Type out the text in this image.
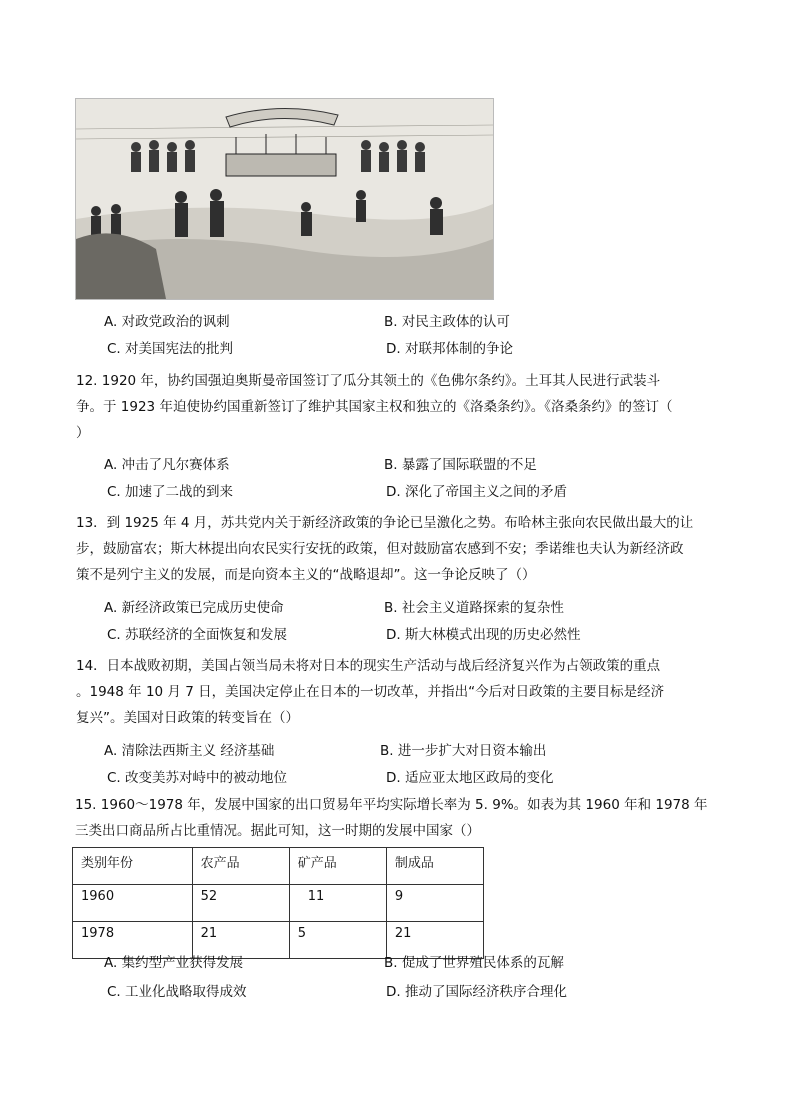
A. 对政党政治的讽刺	B. 对民主政体的认可
C. 对美国宪法的批判	D. 对联邦体制的争论
12. 1920 年，协约国强迫奥斯曼帝国签订了瓜分其领土的《色佛尔条约》。土耳其人民进行武装斗
争。于 1923 年迫使协约国重新签订了维护其国家主权和独立的《洛桑条约》。《洛桑条约》的签订（
）
A. 冲击了凡尔赛体系	B. 暴露了国际联盟的不足
C. 加速了二战的到来	D. 深化了帝国主义之间的矛盾
13．到 1925 年 4 月，苏共党内关于新经济政策的争论已呈激化之势。布哈林主张向农民做出最大的让
步，鼓励富农；斯大林提出向农民实行安抚的政策，但对鼓励富农感到不安；季诺维也夫认为新经济政
策不是列宁主义的发展，而是向资本主义的“战略退却”。这一争论反映了（）
A. 新经济政策已完成历史使命	B. 社会主义道路探索的复杂性
C. 苏联经济的全面恢复和发展	D. 斯大林模式出现的历史必然性
14．日本战败初期，美国占领当局未将对日本的现实生产活动与战后经济复兴作为占领政策的重点
。1948 年 10 月 7 日，美国决定停止在日本的一切改革，并指出“今后对日政策的主要目标是经济
复兴”。美国对日政策的转变旨在（）
A. 清除法西斯主义 经济基础	B. 进一步扩大对日资本输出
C. 改变美苏对峙中的被动地位	D. 适应亚太地区政局的变化
15. 1960～1978 年，发展中国家的出口贸易年平均实际增长率为 5. 9%。如表为其 1960 年和 1978 年
三类出口商品所占比重情况。据此可知，这一时期的发展中国家（）
类别年份	农产品	矿产品	制成品
1960	52	11	9
1978	21	5	21
A. 集约型产业获得发展	B. 促成了世界殖民体系的瓦解
C. 工业化战略取得成效	D. 推动了国际经济秩序合理化
